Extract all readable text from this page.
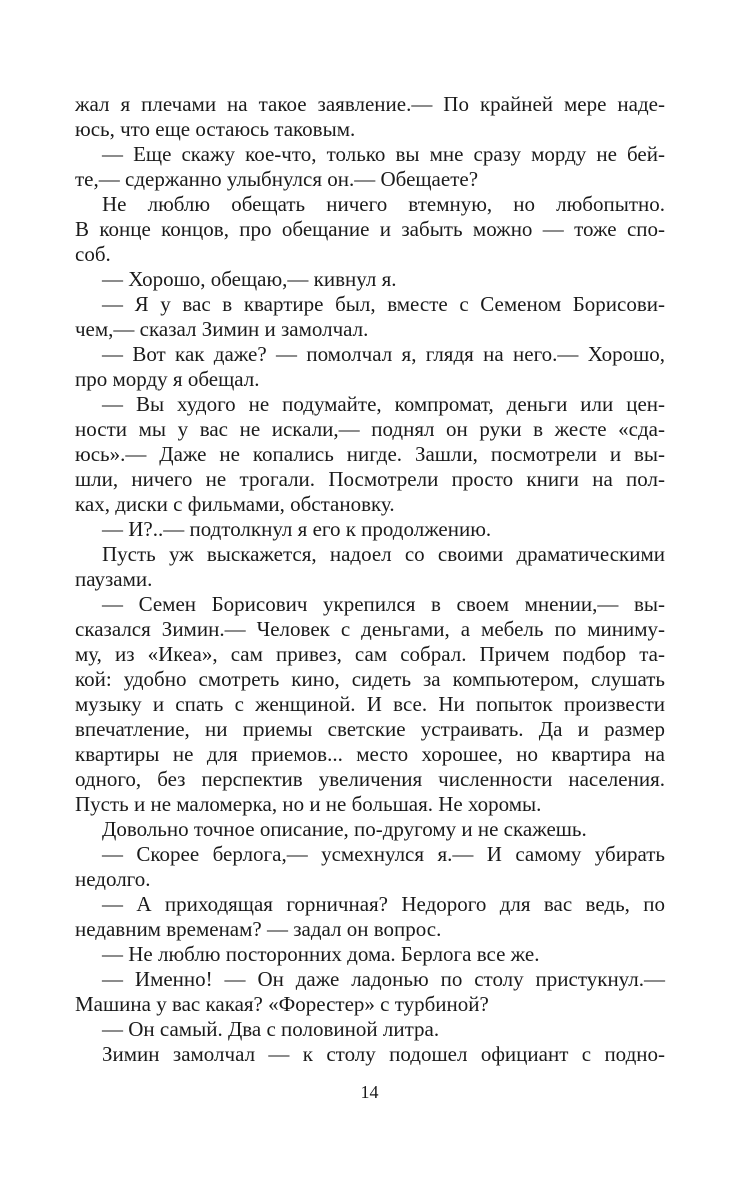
жал я плечами на такое заявление.— По крайней мере наде-
юсь, что еще остаюсь таковым.
— Еще скажу кое-что, только вы мне сразу морду не бей-
те,— сдержанно улыбнулся он.— Обещаете?
Не люблю обещать ничего втемную, но любопытно.
В конце концов, про обещание и забыть можно — тоже спо-
соб.
— Хорошо, обещаю,— кивнул я.
— Я у вас в квартире был, вместе с Семеном Борисови-
чем,— сказал Зимин и замолчал.
— Вот как даже? — помолчал я, глядя на него.— Хорошо,
про морду я обещал.
— Вы худого не подумайте, компромат, деньги или цен-
ности мы у вас не искали,— поднял он руки в жесте «сда-
юсь».— Даже не копались нигде. Зашли, посмотрели и вы-
шли, ничего не трогали. Посмотрели просто книги на пол-
ках, диски с фильмами, обстановку.
— И?..— подтолкнул я его к продолжению.
Пусть уж выскажется, надоел со своими драматическими
паузами.
— Семен Борисович укрепился в своем мнении,— вы-
сказался Зимин.— Человек с деньгами, а мебель по миниму-
му, из «Икеа», сам привез, сам собрал. Причем подбор та-
кой: удобно смотреть кино, сидеть за компьютером, слушать
музыку и спать с женщиной. И все. Ни попыток произвести
впечатление, ни приемы светские устраивать. Да и размер
квартиры не для приемов... место хорошее, но квартира на
одного, без перспектив увеличения численности населения.
Пусть и не маломерка, но и не большая. Не хоромы.
Довольно точное описание, по-другому и не скажешь.
— Скорее берлога,— усмехнулся я.— И самому убирать
недолго.
— А приходящая горничная? Недорого для вас ведь, по
недавним временам? — задал он вопрос.
— Не люблю посторонних дома. Берлога все же.
— Именно! — Он даже ладонью по столу пристукнул.—
Машина у вас какая? «Форестер» с турбиной?
— Он самый. Два с половиной литра.
Зимин замолчал — к столу подошел официант с подно-
14
